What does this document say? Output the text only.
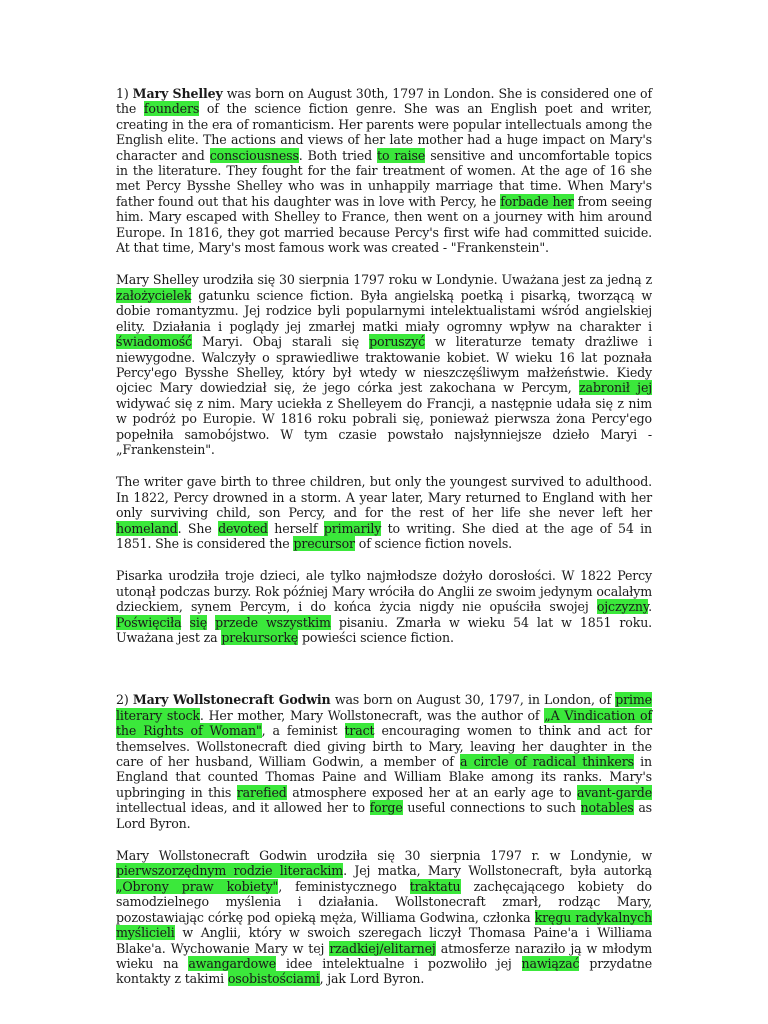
1) Mary Shelley was born on August 30th, 1797 in London. She is considered one of the founders of the science fiction genre. She was an English poet and writer, creating in the era of romanticism. Her parents were popular intellectuals among the English elite. The actions and views of her late mother had a huge impact on Mary's character and consciousness. Both tried to raise sensitive and uncomfortable topics in the literature. They fought for the fair treatment of women. At the age of 16 she met Percy Bysshe Shelley who was in unhappily marriage that time. When Mary's father found out that his daughter was in love with Percy, he forbade her from seeing him. Mary escaped with Shelley to France, then went on a journey with him around Europe. In 1816, they got married because Percy's first wife had committed suicide. At that time, Mary's most famous work was created - "Frankenstein".

Mary Shelley urodziła się 30 sierpnia 1797 roku w Londynie. Uważana jest za jedną z założycielek gatunku science fiction. Była angielską poetką i pisarką, tworzącą w dobie romantyzmu. Jej rodzice byli popularnymi intelektualistami wśród angielskiej elity. Działania i poglądy jej zmarłej matki miały ogromny wpływ na charakter i świadomość Maryi. Obaj starali się poruszyć w literaturze tematy drażliwe i niewygodne. Walczyły o sprawiedliwe traktowanie kobiet. W wieku 16 lat poznała Percy'ego Bysshe Shelley, który był wtedy w nieszczęśliwym małżeństwie. Kiedy ojciec Mary dowiedział się, że jego córka jest zakochana w Percym, zabronił jej widywać się z nim. Mary uciekła z Shelleyem do Francji, a następnie udała się z nim w podróż po Europie. W 1816 roku pobrali się, ponieważ pierwsza żona Percy'ego popełniła samobójstwo. W tym czasie powstało najsłynniejsze dzieło Maryi - „Frankenstein".

The writer gave birth to three children, but only the youngest survived to adulthood. In 1822, Percy drowned in a storm. A year later, Mary returned to England with her only surviving child, son Percy, and for the rest of her life she never left her homeland. She devoted herself primarily to writing. She died at the age of 54 in 1851. She is considered the precursor of science fiction novels.

Pisarka urodziła troje dzieci, ale tylko najmłodsze dożyło dorosłości. W 1822 Percy utonął podczas burzy. Rok później Mary wróciła do Anglii ze swoim jedynym ocalałym dzieckiem, synem Percym, i do końca życia nigdy nie opuściła swojej ojczyzny. Poświęciła się przede wszystkim pisaniu. Zmarła w wieku 54 lat w 1851 roku. Uważana jest za prekursorkę powieści science fiction.

2) Mary Wollstonecraft Godwin was born on August 30, 1797, in London, of prime literary stock. Her mother, Mary Wollstonecraft, was the author of „A Vindication of the Rights of Woman", a feminist tract encouraging women to think and act for themselves. Wollstonecraft died giving birth to Mary, leaving her daughter in the care of her husband, William Godwin, a member of a circle of radical thinkers in England that counted Thomas Paine and William Blake among its ranks. Mary's upbringing in this rarefied atmosphere exposed her at an early age to avant-garde intellectual ideas, and it allowed her to forge useful connections to such notables as Lord Byron.

Mary Wollstonecraft Godwin urodziła się 30 sierpnia 1797 r. w Londynie, w pierwszorzędnym rodzie literackim. Jej matka, Mary Wollstonecraft, była autorką „Obrony praw kobiety", feministycznego traktatu zachęcającego kobiety do samodzielnego myślenia i działania. Wollstonecraft zmarł, rodząc Mary, pozostawiając córkę pod opieką męża, Williama Godwina, członka kręgu radykalnych myślicieli w Anglii, który w swoich szeregach liczył Thomasa Paine'a i Williama Blake'a. Wychowanie Mary w tej rzadkiej/elitarnej atmosferze naraziło ją w młodym wieku na awangardowe idee intelektualne i pozwoliło jej nawiązać przydatne kontakty z takimi osobistościami, jak Lord Byron.
